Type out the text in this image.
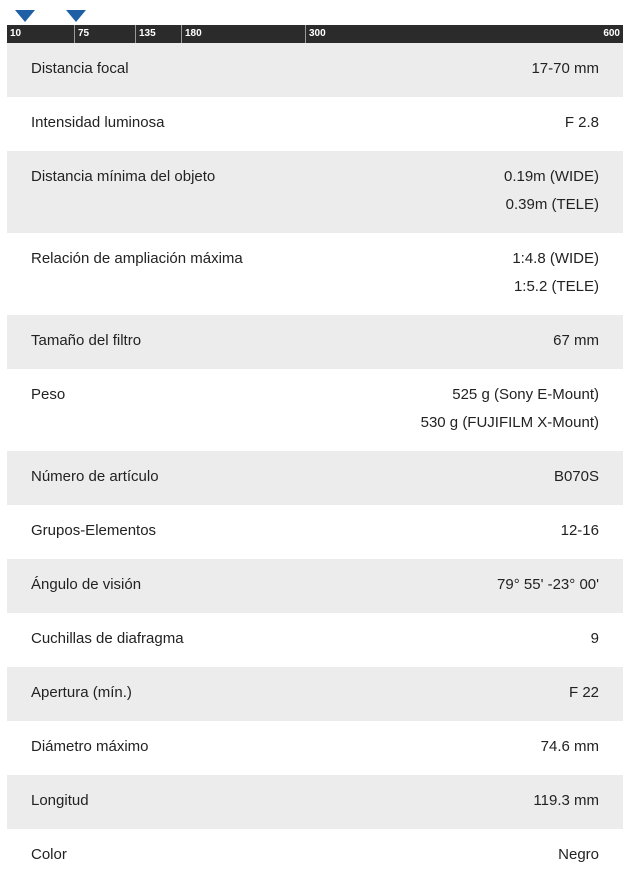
10	75	135	180	300	600
Distancia focal	17-70 mm
Intensidad luminosa	F 2.8
Distancia mínima del objeto	0.19m (WIDE)
0.39m (TELE)
Relación de ampliación máxima	1:4.8 (WIDE)
1:5.2 (TELE)
Tamaño del filtro	67 mm
Peso	525 g (Sony E-Mount)
530 g (FUJIFILM X-Mount)
Número de artículo	B070S
Grupos-Elementos	12-16
Ángulo de visión	79° 55' -23° 00'
Cuchillas de diafragma	9
Apertura (mín.)	F 22
Diámetro máximo	74.6 mm
Longitud	119.3 mm
Color	Negro
